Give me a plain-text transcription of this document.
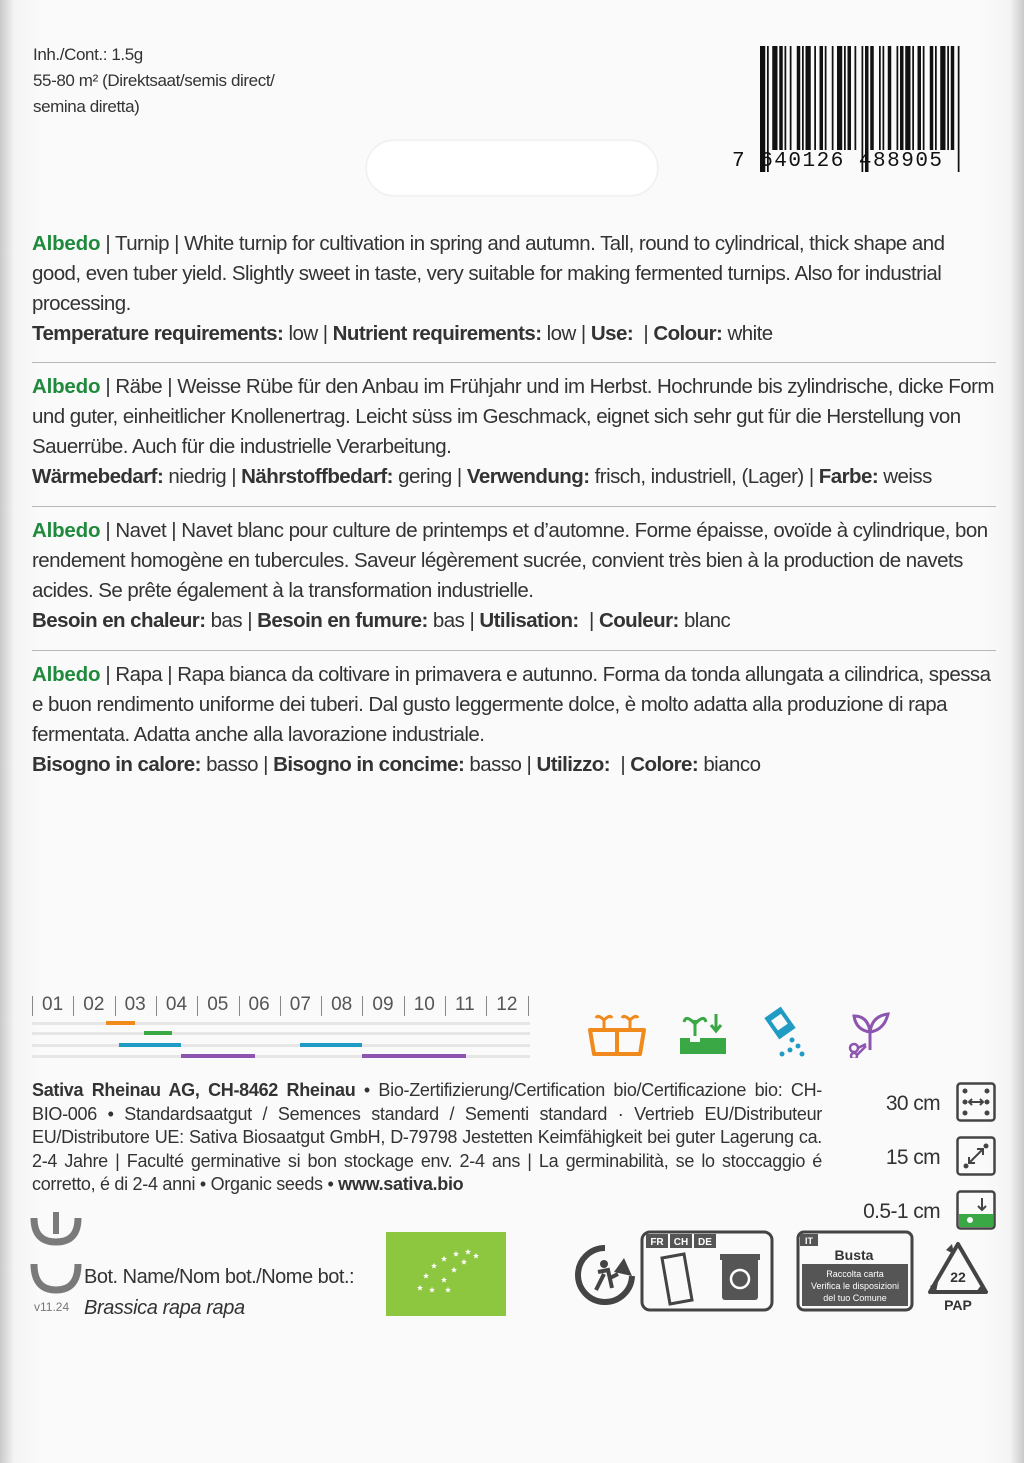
Inh./Cont.: 1.5g
55-80 m² (Direktsaat/semis direct/
semina diretta)
7 640126 488905
Albedo | Turnip | White turnip for cultivation in spring and autumn. Tall, round to cylindrical, thick shape and good, even tuber yield. Slightly sweet in taste, very suitable for making fermented turnips. Also for industrial processing.
Temperature requirements: low | Nutrient requirements: low | Use:  | Colour: white
Albedo | Räbe | Weisse Rübe für den Anbau im Frühjahr und im Herbst. Hochrunde bis zylindrische, dicke Form und guter, einheitlicher Knollenertrag. Leicht süss im Geschmack, eignet sich sehr gut für die Herstellung von Sauerrübe. Auch für die industrielle Verarbeitung.
Wärmebedarf: niedrig | Nährstoffbedarf: gering | Verwendung: frisch, industriell, (Lager) | Farbe: weiss
Albedo | Navet | Navet blanc pour culture de printemps et d’automne. Forme épaisse, ovoïde à cylindrique, bon rendement homogène en tubercules. Saveur légèrement sucrée, convient très bien à la production de navets acides. Se prête également à la transformation industrielle.
Besoin en chaleur: bas | Besoin en fumure: bas | Utilisation:  | Couleur: blanc
Albedo | Rapa | Rapa bianca da coltivare in primavera e autunno. Forma da tonda allungata a cilindrica, spessa e buon rendimento uniforme dei tuberi. Dal gusto leggermente dolce, è molto adatta alla produzione di rapa fermentata. Adatta anche alla lavorazione industriale.
Bisogno in calore: basso | Bisogno in concime: basso | Utilizzo:  | Colore: bianco
01 02 03 04 05 06 07 08 09 10 11 12
Sativa Rheinau AG, CH-8462 Rheinau • Bio-Zertifizierung/Certification bio/Certificazione bio: CH-BIO-006 • Standardsaatgut / Semences standard / Sementi standard · Vertrieb EU/Distributeur EU/Distributore UE: Sativa Biosaatgut GmbH, D-79798 Jestetten Keimfähigkeit bei guter Lagerung ca. 2-4 Jahre | Faculté germinative si bon stockage env. 2-4 ans | La germinabilità, se lo stoccaggio é corretto, é di 2-4 anni • Organic seeds • www.sativa.bio
30 cm
15 cm
0.5-1 cm
Bot. Name/Nom bot./Nome bot.:
Brassica rapa rapa
v11.24
FR CH DE	IT
Busta
Raccolta carta
Verifica le disposizioni
del tuo Comune
22
PAP
